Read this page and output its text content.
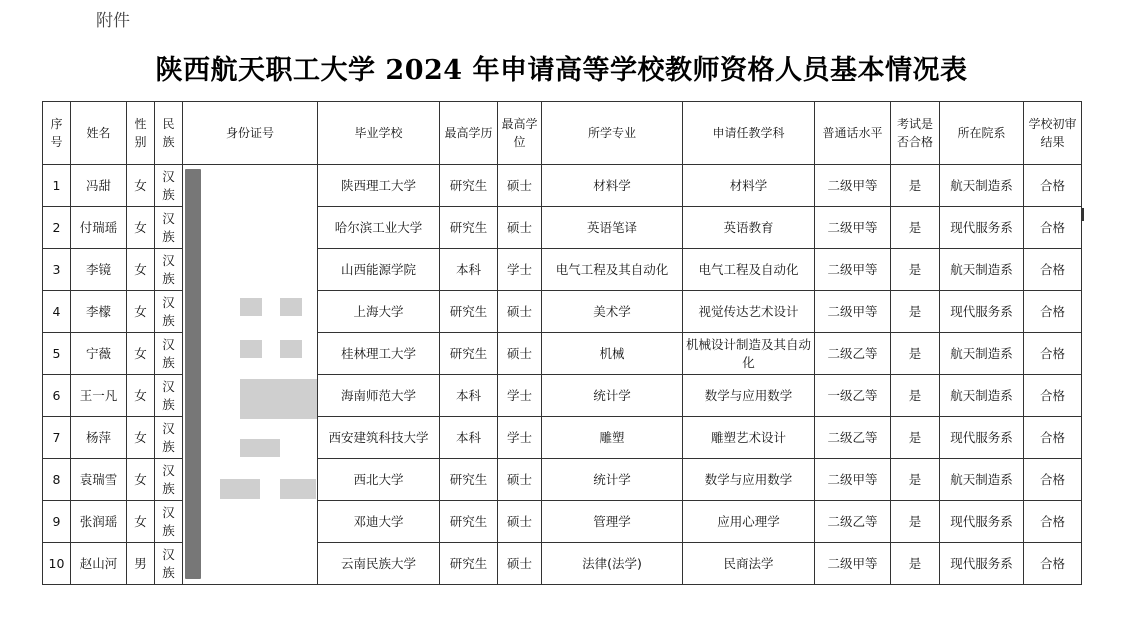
附件
陕西航天职工大学 2024 年申请高等学校教师资格人员基本情况表
序号	姓名	性别	民族	身份证号	毕业学校	最高学历	最高学位	所学专业	申请任教学科	普通话水平	考试是否合格	所在院系	学校初审结果
1	冯甜	女	汉族		陕西理工大学	研究生	硕士	材料学	材料学	二级甲等	是	航天制造系	合格
2	付瑞瑶	女	汉族		哈尔滨工业大学	研究生	硕士	英语笔译	英语教育	二级甲等	是	现代服务系	合格
3	李镜	女	汉族		山西能源学院	本科	学士	电气工程及其自动化	电气工程及自动化	二级甲等	是	航天制造系	合格
4	李檬	女	汉族		上海大学	研究生	硕士	美术学	视觉传达艺术设计	二级甲等	是	现代服务系	合格
5	宁薇	女	汉族		桂林理工大学	研究生	硕士	机械	机械设计制造及其自动化	二级乙等	是	航天制造系	合格
6	王一凡	女	汉族		海南师范大学	本科	学士	统计学	数学与应用数学	一级乙等	是	航天制造系	合格
7	杨萍	女	汉族		西安建筑科技大学	本科	学士	雕塑	雕塑艺术设计	二级乙等	是	现代服务系	合格
8	袁瑞雪	女	汉族		西北大学	研究生	硕士	统计学	数学与应用数学	二级甲等	是	航天制造系	合格
9	张润瑶	女	汉族		邓迪大学	研究生	硕士	管理学	应用心理学	二级乙等	是	现代服务系	合格
10	赵山河	男	汉族		云南民族大学	研究生	硕士	法律(法学)	民商法学	二级甲等	是	现代服务系	合格
